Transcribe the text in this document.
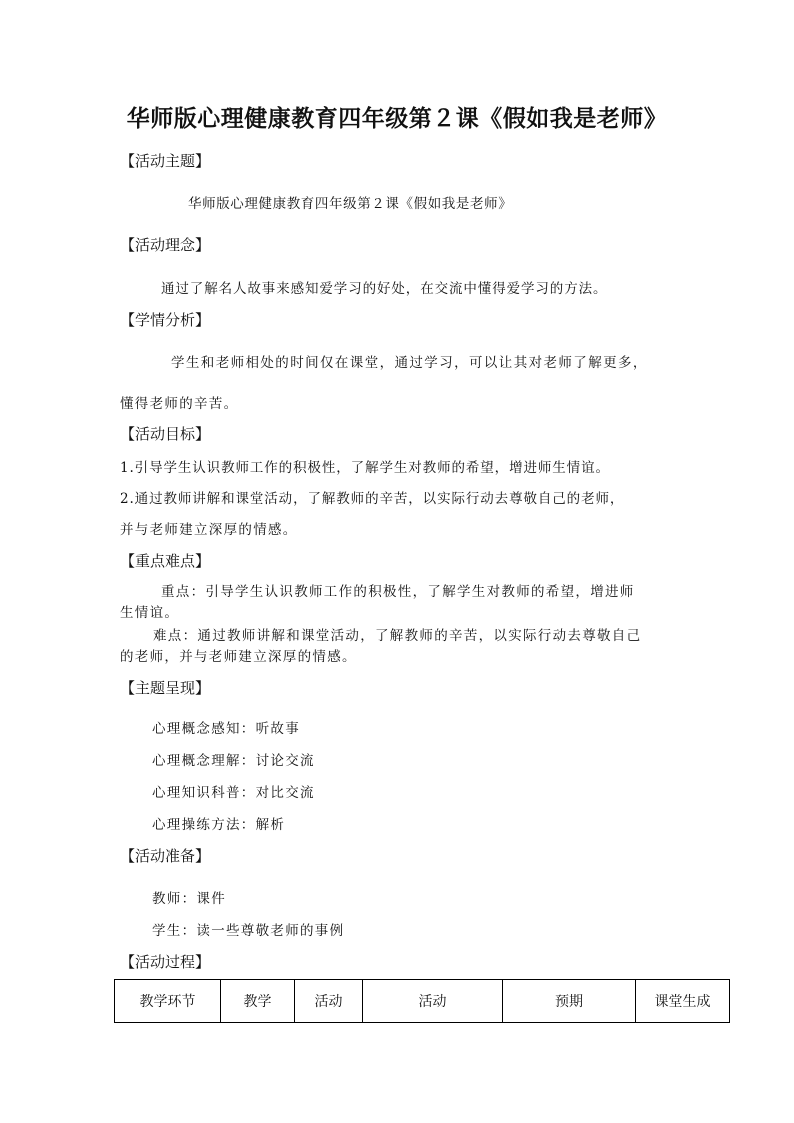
华师版心理健康教育四年级第２课《假如我是老师》
【活动主题】
华师版心理健康教育四年级第２课《假如我是老师》
【活动理念】
通过了解名人故事来感知爱学习的好处，在交流中懂得爱学习的方法。
【学情分析】
学生和老师相处的时间仅在课堂，通过学习，可以让其对老师了解更多，
懂得老师的辛苦。
【活动目标】
1.引导学生认识教师工作的积极性，了解学生对教师的希望，增进师生情谊。
2.通过教师讲解和课堂活动，了解教师的辛苦，以实际行动去尊敬自己的老师，
并与老师建立深厚的情感。
【重点难点】
重点：引导学生认识教师工作的积极性，了解学生对教师的希望，增进师
生情谊。
难点：通过教师讲解和课堂活动，了解教师的辛苦，以实际行动去尊敬自己
的老师，并与老师建立深厚的情感。
【主题呈现】
心理概念感知：听故事
心理概念理解：讨论交流
心理知识科普：对比交流
心理操练方法：解析
【活动准备】
教师：课件
学生：读一些尊敬老师的事例
【活动过程】
教学环节	教学	活动	活动	预期	课堂生成
